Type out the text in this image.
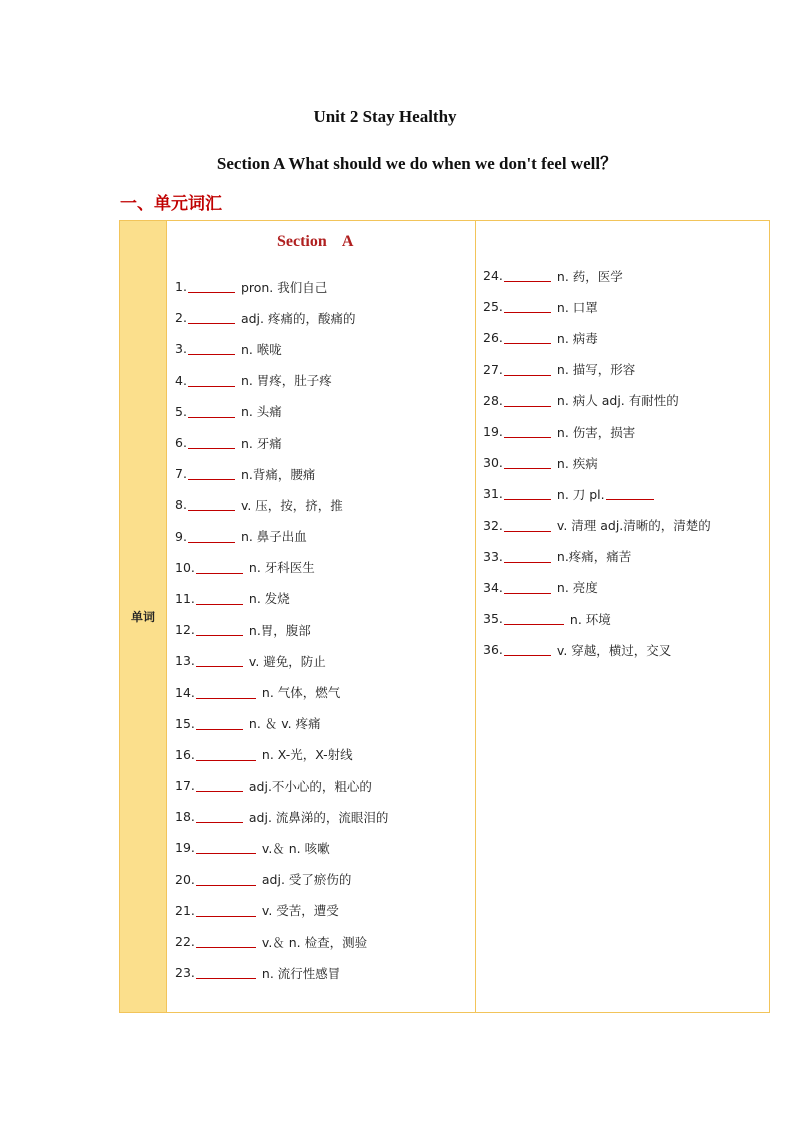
Unit 2 Stay Healthy
Section A What should we do when we don't feel well？
一、单元词汇
单词
Section    A
1.	pron. 我们自己
2.	adj. 疼痛的，酸痛的
3.	n. 喉咙
4.	n. 胃疼，肚子疼
5.	n. 头痛
6.	n. 牙痛
7.	n.背痛，腰痛
8.	v. 压，按，挤，推
9.	n. 鼻子出血
10.	n. 牙科医生
11.	n. 发烧
12.	n.胃，腹部
13.	v. 避免，防止
14.	n. 气体，燃气
15.	n. ＆ v. 疼痛
16.	n. X-光，X-射线
17.	adj.不小心的，粗心的
18.	adj. 流鼻涕的，流眼泪的
19.	v.＆ n. 咳嗽
20.	adj. 受了瘀伤的
21.	v. 受苦，遭受
22.	v.＆ n. 检查，测验
23.	n. 流行性感冒
24.	n. 药，医学
25.	n. 口罩
26.	n. 病毒
27.	n. 描写，形容
28.	n. 病人 adj. 有耐性的
19.	n. 伤害，损害
30.	n. 疾病
31.	n. 刀 pl.
32.	v. 清理 adj.清晰的，清楚的
33.	n.疼痛，痛苦
34.	n. 亮度
35.	n. 环境
36.	v. 穿越，横过，交叉
